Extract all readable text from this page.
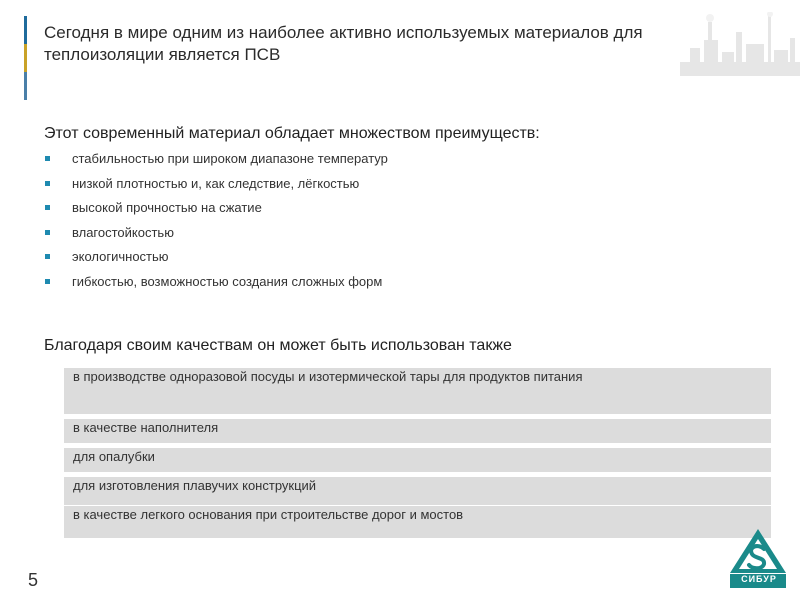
Сегодня в мире одним из наиболее активно используемых материалов для теплоизоляции является ПСВ
Этот современный материал обладает множеством преимуществ:
стабильностью при широком диапазоне температур
низкой плотностью и, как следствие, лёгкостью
высокой прочностью на сжатие
влагостойкостью
экологичностью
гибкостью, возможностью создания сложных форм
Благодаря своим качествам он может быть использован также
в производстве одноразовой посуды и изотермической тары для продуктов питания
в качестве наполнителя
для опалубки
для изготовления плавучих конструкций
в качестве легкого основания при строительстве дорог и мостов
5	СИБУР
